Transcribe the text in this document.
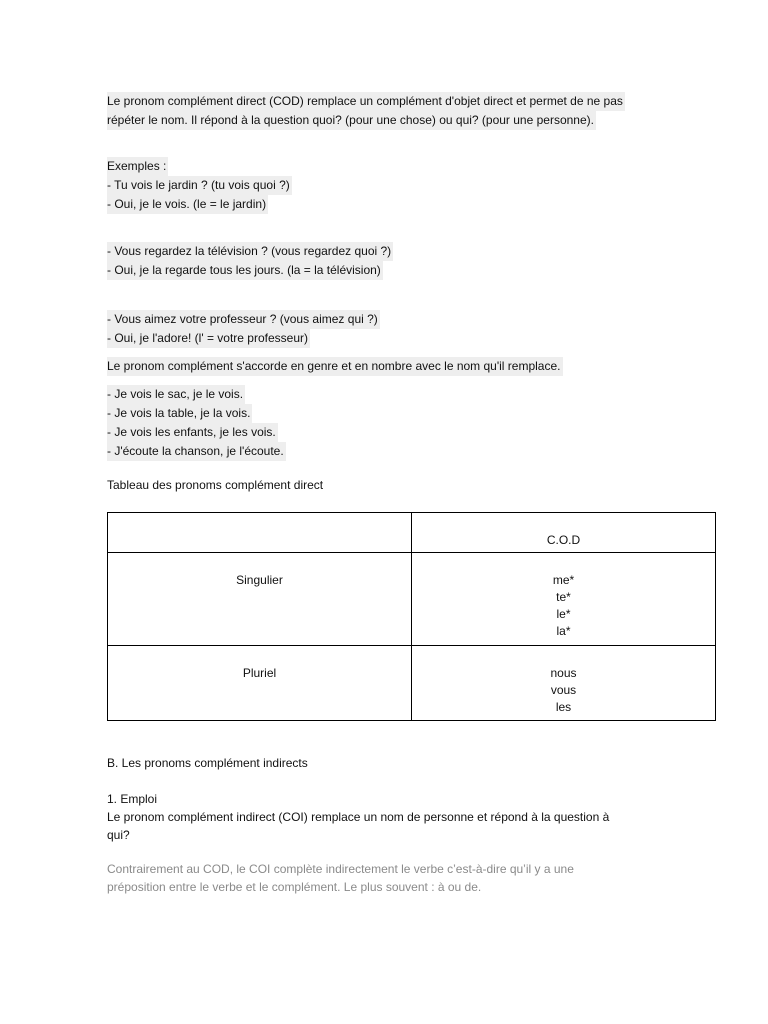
Le pronom complément direct (COD) remplace un complément d'objet direct et permet de ne pas
répéter le nom. Il répond à la question quoi? (pour une chose) ou qui? (pour une personne).
Exemples :
- Tu vois le jardin ? (tu vois quoi ?)
- Oui, je le vois. (le = le jardin)
- Vous regardez la télévision ? (vous regardez quoi ?)
- Oui, je la regarde tous les jours. (la = la télévision)
- Vous aimez votre professeur ? (vous aimez qui ?)
- Oui, je l'adore! (l' = votre professeur)
Le pronom complément s'accorde en genre et en nombre avec le nom qu'il remplace.
- Je vois le sac, je le vois.
- Je vois la table, je la vois.
- Je vois les enfants, je les vois.
- J'écoute la chanson, je l'écoute.
Tableau des pronoms complément direct

	C.O.D

Singulier	me*
te*
le*
la*

Pluriel	nous
vous
les
B. Les pronoms complément indirects
1. Emploi
Le pronom complément indirect (COI) remplace un nom de personne et répond à la question à
qui?
Contrairement au COD, le COI complète indirectement le verbe c’est-à-dire qu’il y a une
préposition entre le verbe et le complément. Le plus souvent : à ou de.
